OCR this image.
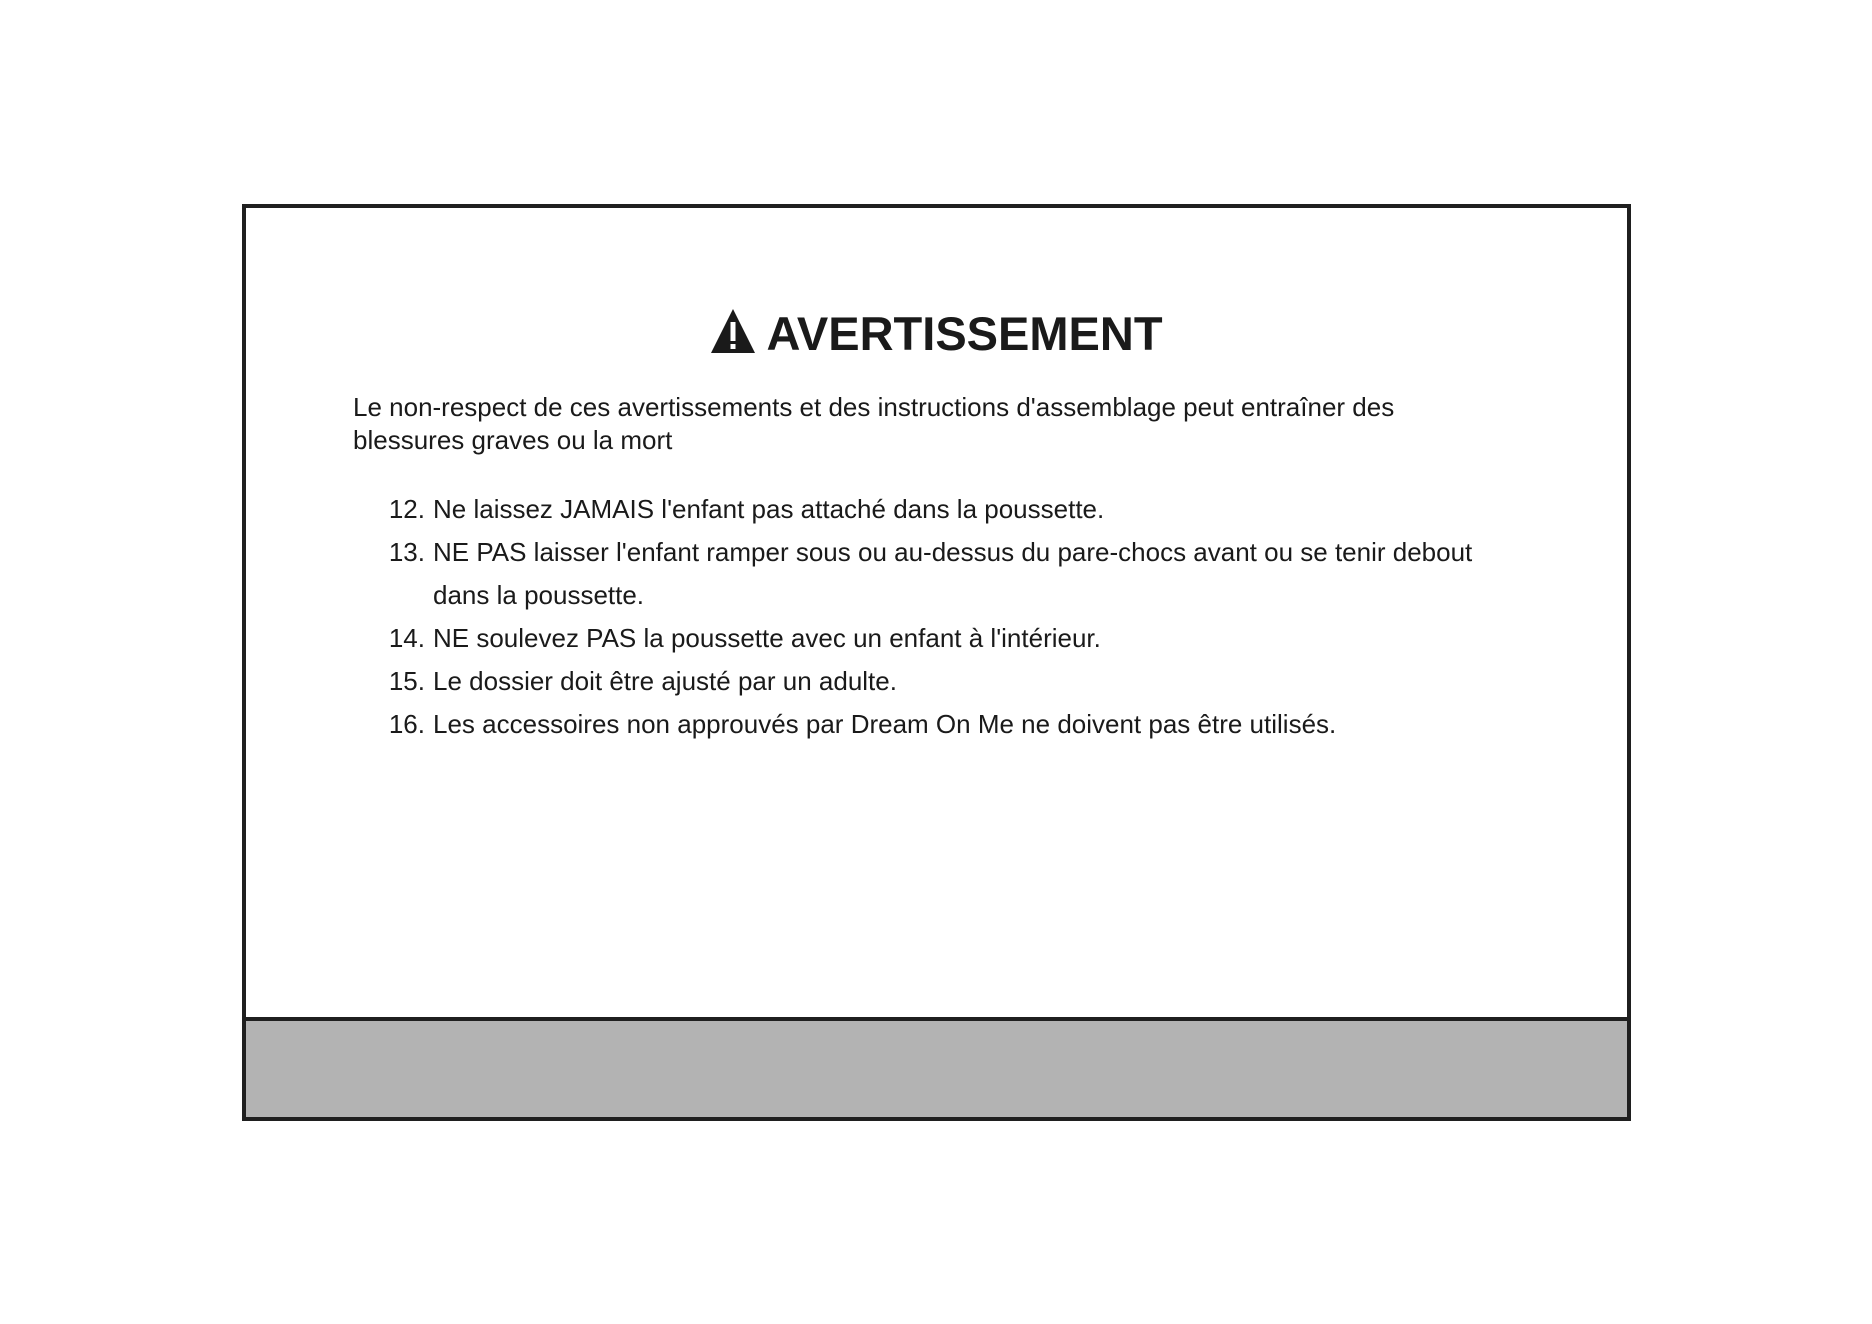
AVERTISSEMENT
Le non-respect de ces avertissements et des instructions d'assemblage peut entraîner des blessures graves ou la mort
12. Ne laissez JAMAIS l'enfant pas attaché dans la poussette.
13. NE PAS laisser l'enfant ramper sous ou au-dessus du pare-chocs avant ou se tenir debout dans la poussette.
14. NE soulevez PAS la poussette avec un enfant à l'intérieur.
15. Le dossier doit être ajusté par un adulte.
16. Les accessoires non approuvés par Dream On Me ne doivent pas être utilisés.
